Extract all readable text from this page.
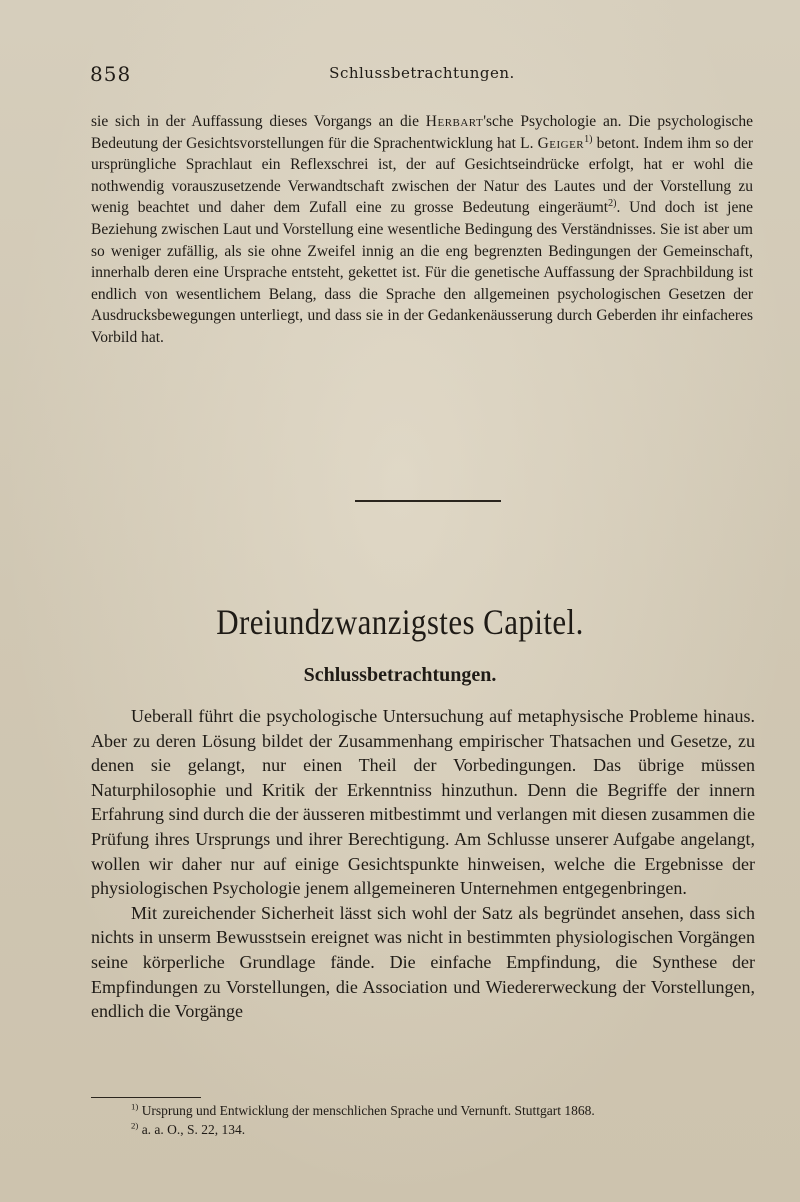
858	Schlussbetrachtungen.
sie sich in der Auffassung dieses Vorgangs an die Herbart'sche Psychologie an. Die psychologische Bedeutung der Gesichtsvorstellungen für die Sprachentwicklung hat L. Geiger$^{1)}$ betont. Indem ihm so der ursprüngliche Sprachlaut ein Reflexschrei ist, der auf Gesichtseindrücke erfolgt, hat er wohl die nothwendig vorauszusetzende Verwandtschaft zwischen der Natur des Lautes und der Vorstellung zu wenig beachtet und daher dem Zufall eine zu grosse Bedeutung eingeräumt$^{2)}$. Und doch ist jene Beziehung zwischen Laut und Vorstellung eine wesentliche Bedingung des Verständnisses. Sie ist aber um so weniger zufällig, als sie ohne Zweifel innig an die eng begrenzten Bedingungen der Gemeinschaft, innerhalb deren eine Ursprache entsteht, gekettet ist. Für die genetische Auffassung der Sprachbildung ist endlich von wesentlichem Belang, dass die Sprache den allgemeinen psychologischen Gesetzen der Ausdrucksbewegungen unterliegt, und dass sie in der Gedankenäusserung durch Geberden ihr einfacheres Vorbild hat.
Dreiundzwanzigstes Capitel.
Schlussbetrachtungen.

Ueberall führt die psychologische Untersuchung auf metaphysische Probleme hinaus. Aber zu deren Lösung bildet der Zusammenhang empirischer Thatsachen und Gesetze, zu denen sie gelangt, nur einen Theil der Vorbedingungen. Das übrige müssen Naturphilosophie und Kritik der Erkenntniss hinzuthun. Denn die Begriffe der innern Erfahrung sind durch die der äusseren mitbestimmt und verlangen mit diesen zusammen die Prüfung ihres Ursprungs und ihrer Berechtigung. Am Schlusse unserer Aufgabe angelangt, wollen wir daher nur auf einige Gesichtspunkte hinweisen, welche die Ergebnisse der physiologischen Psychologie jenem allgemeineren Unternehmen entgegenbringen.

Mit zureichender Sicherheit lässt sich wohl der Satz als begründet ansehen, dass sich nichts in unserm Bewusstsein ereignet was nicht in bestimmten physiologischen Vorgängen seine körperliche Grundlage fände. Die einfache Empfindung, die Synthese der Empfindungen zu Vorstellungen, die Association und Wiedererweckung der Vorstellungen, endlich die Vorgänge

$^{1)}$ Ursprung und Entwicklung der menschlichen Sprache und Vernunft. Stuttgart 1868.

$^{2)}$ a. a. O., S. 22, 134.
